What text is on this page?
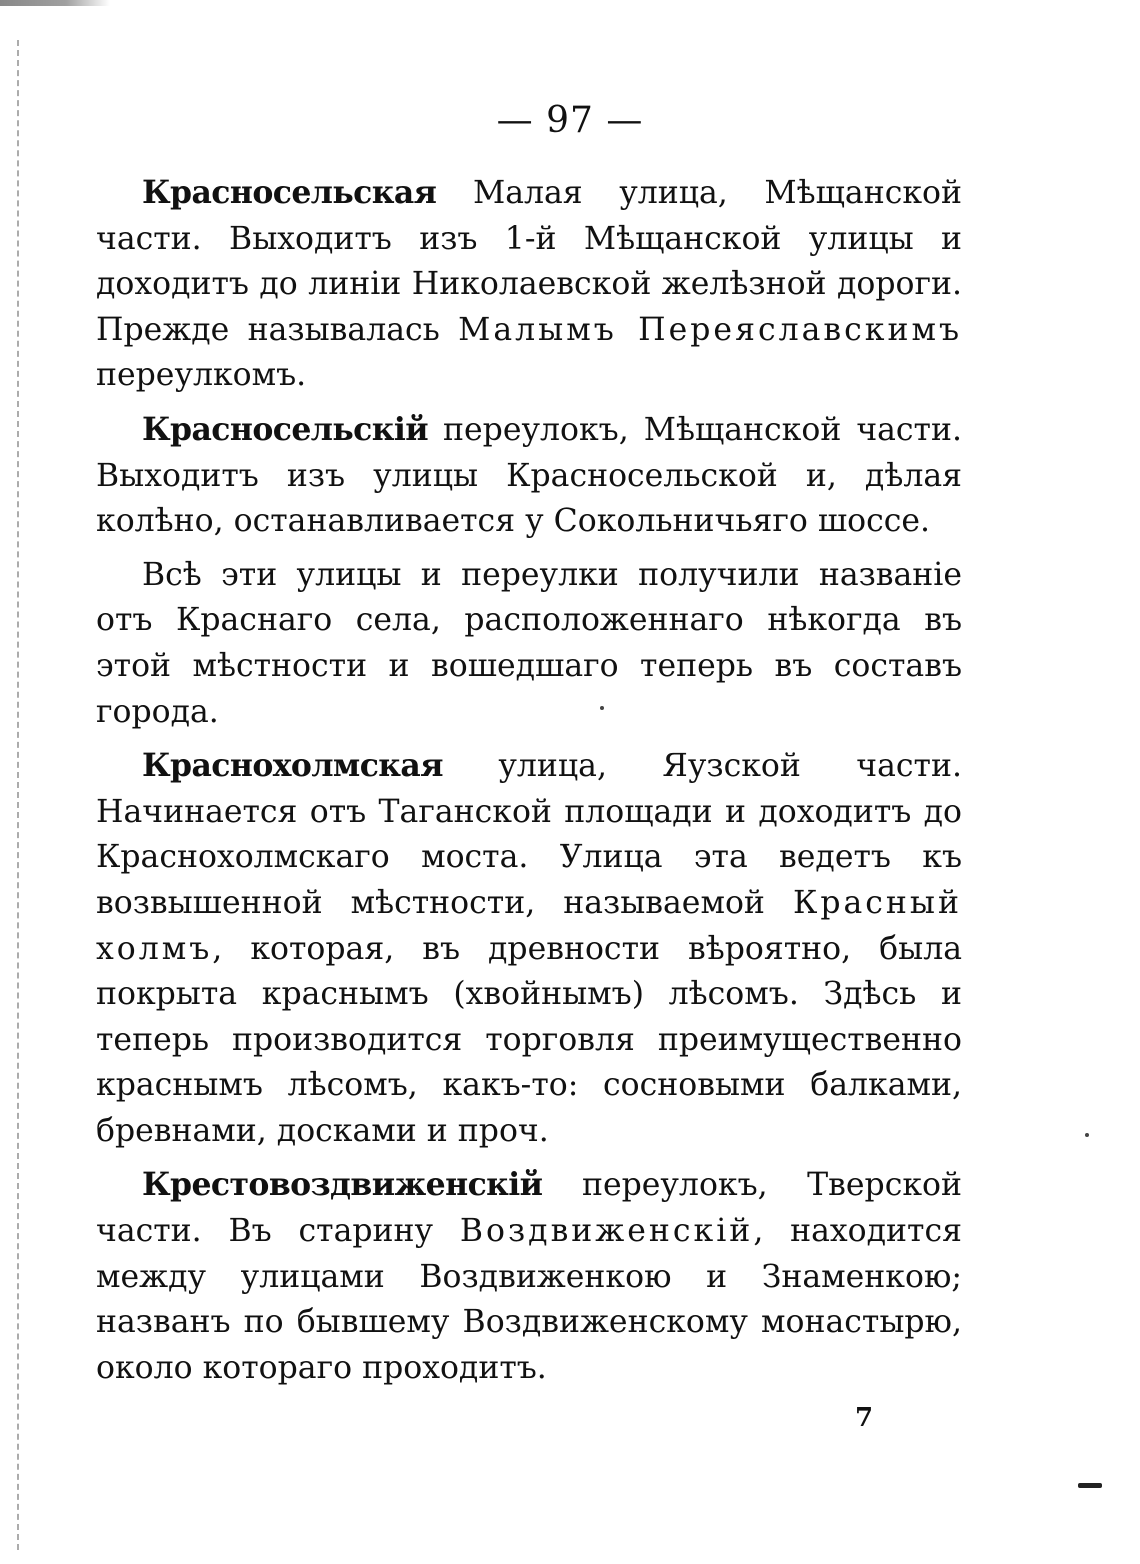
— 97 —

Красносельская Малая улица, Мѣщанской части. Выходитъ изъ 1-й Мѣщанской улицы и доходитъ до линіи Николаевской желѣзной дороги. Прежде называлась Малымъ Переяславскимъ переулкомъ.

Красносельскій переулокъ, Мѣщанской части. Выходитъ изъ улицы Красносельской и, дѣлая колѣно, останавливается у Сокольничьяго шоссе.

Всѣ эти улицы и переулки получили названіе отъ Краснаго села, расположеннаго нѣкогда въ этой мѣстности и вошедшаго теперь въ составъ города.

Краснохолмская улица, Яузской части. Начинается отъ Таганской площади и доходитъ до Краснохолмскаго моста. Улица эта ведетъ къ возвышенной мѣстности, называемой Красный холмъ, которая, въ древности вѣроятно, была покрыта краснымъ (хвойнымъ) лѣсомъ. Здѣсь и теперь производится торговля преимущественно краснымъ лѣсомъ, какъ-то: сосновыми балками, бревнами, досками и проч.

Крестовоздвиженскій переулокъ, Тверской части. Въ старину Воздвиженскій, находится между улицами Воздвиженкою и Знаменкою; названъ по бывшему Воздвиженскому монастырю, около котораго проходитъ.

7
